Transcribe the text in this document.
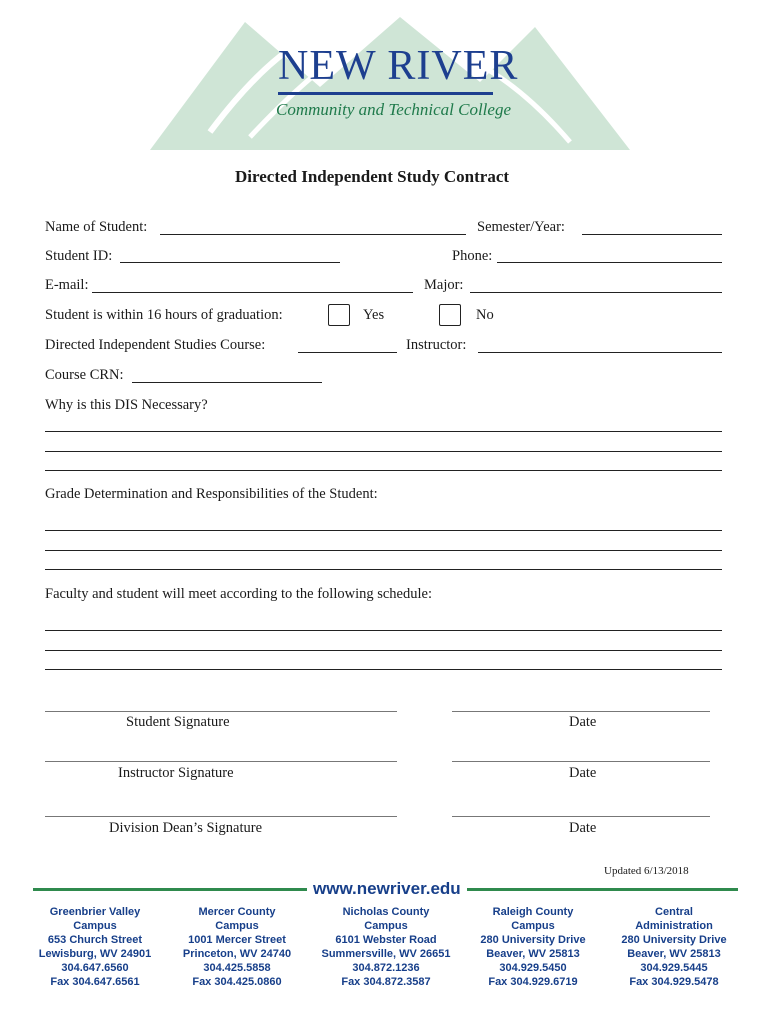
NEW RIVER
Community and Technical College
Directed Independent Study Contract
Name of Student:	Semester/Year:
Student ID:	Phone:
E-mail:	Major:
Student is within 16 hours of graduation:	Yes	No
Directed Independent Studies Course:	Instructor:
Course CRN:
Why is this DIS Necessary?
Grade Determination and Responsibilities of the Student:
Faculty and student will meet according to the following schedule:
Student Signature	Date
Instructor Signature	Date
Division Dean’s Signature	Date
Updated 6/13/2018
www.newriver.edu
Greenbrier Valley
Campus
653 Church Street
Lewisburg, WV 24901
304.647.6560
Fax 304.647.6561
Mercer County
Campus
1001 Mercer Street
Princeton, WV 24740
304.425.5858
Fax 304.425.0860
Nicholas County
Campus
6101 Webster Road
Summersville, WV 26651
304.872.1236
Fax 304.872.3587
Raleigh County
Campus
280 University Drive
Beaver, WV 25813
304.929.5450
Fax 304.929.6719
Central
Administration
280 University Drive
Beaver, WV 25813
304.929.5445
Fax 304.929.5478
